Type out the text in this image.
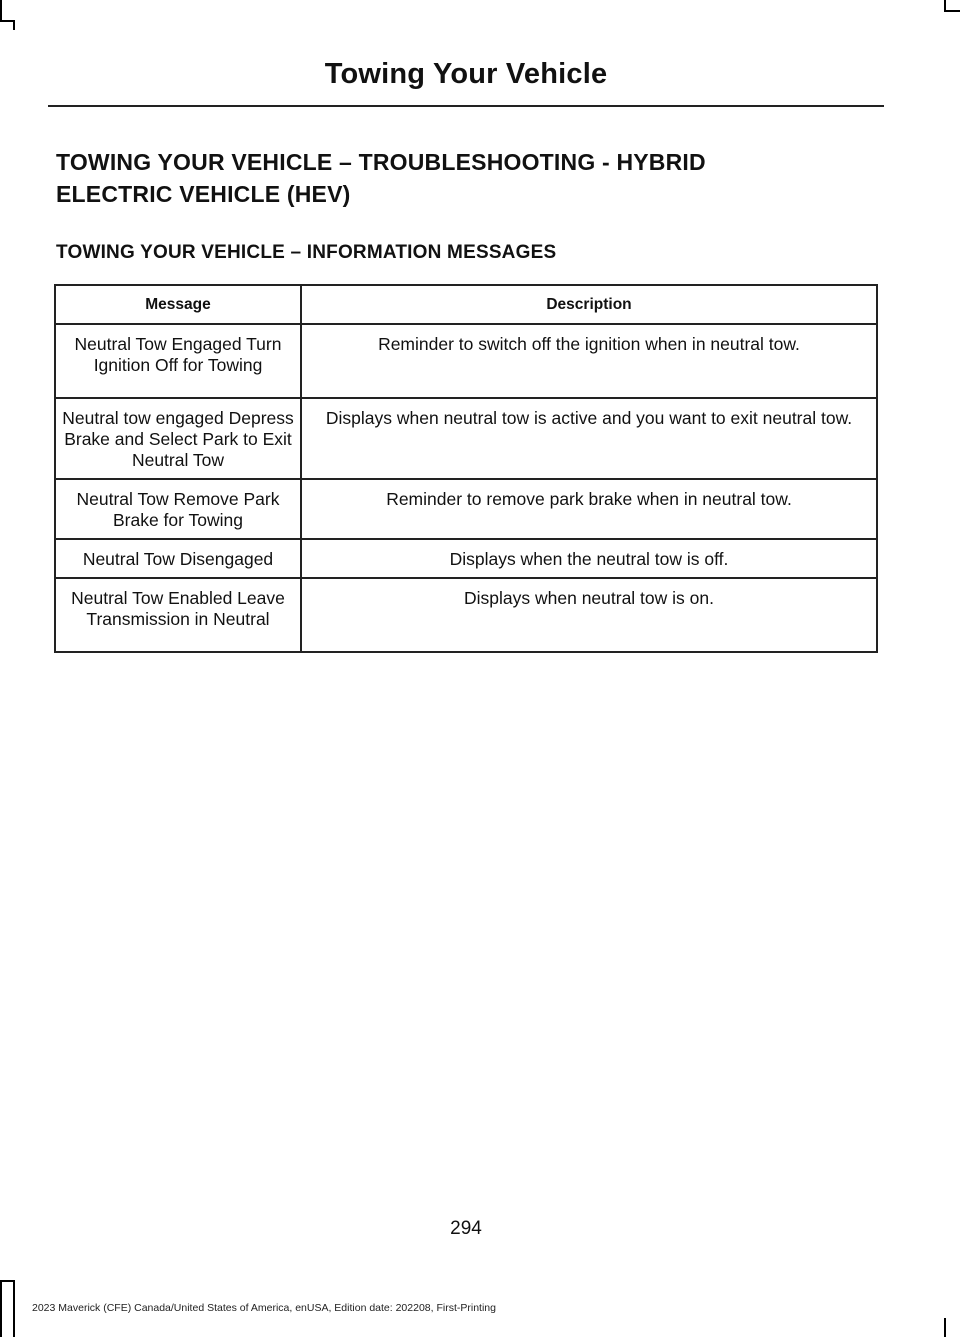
Towing Your Vehicle
TOWING YOUR VEHICLE – TROUBLESHOOTING - HYBRID
ELECTRIC VEHICLE (HEV)
TOWING YOUR VEHICLE – INFORMATION MESSAGES
Message	Description
Neutral Tow Engaged Turn Ignition Off for Towing	Reminder to switch off the ignition when in neutral tow.
Neutral tow engaged Depress Brake and Select Park to Exit Neutral Tow	Displays when neutral tow is active and you want to exit neutral tow.
Neutral Tow Remove Park Brake for Towing	Reminder to remove park brake when in neutral tow.
Neutral Tow Disengaged	Displays when the neutral tow is off.
Neutral Tow Enabled Leave Transmission in Neutral	Displays when neutral tow is on.
294
2023 Maverick (CFE) Canada/United States of America, enUSA, Edition date: 202208, First-Printing
